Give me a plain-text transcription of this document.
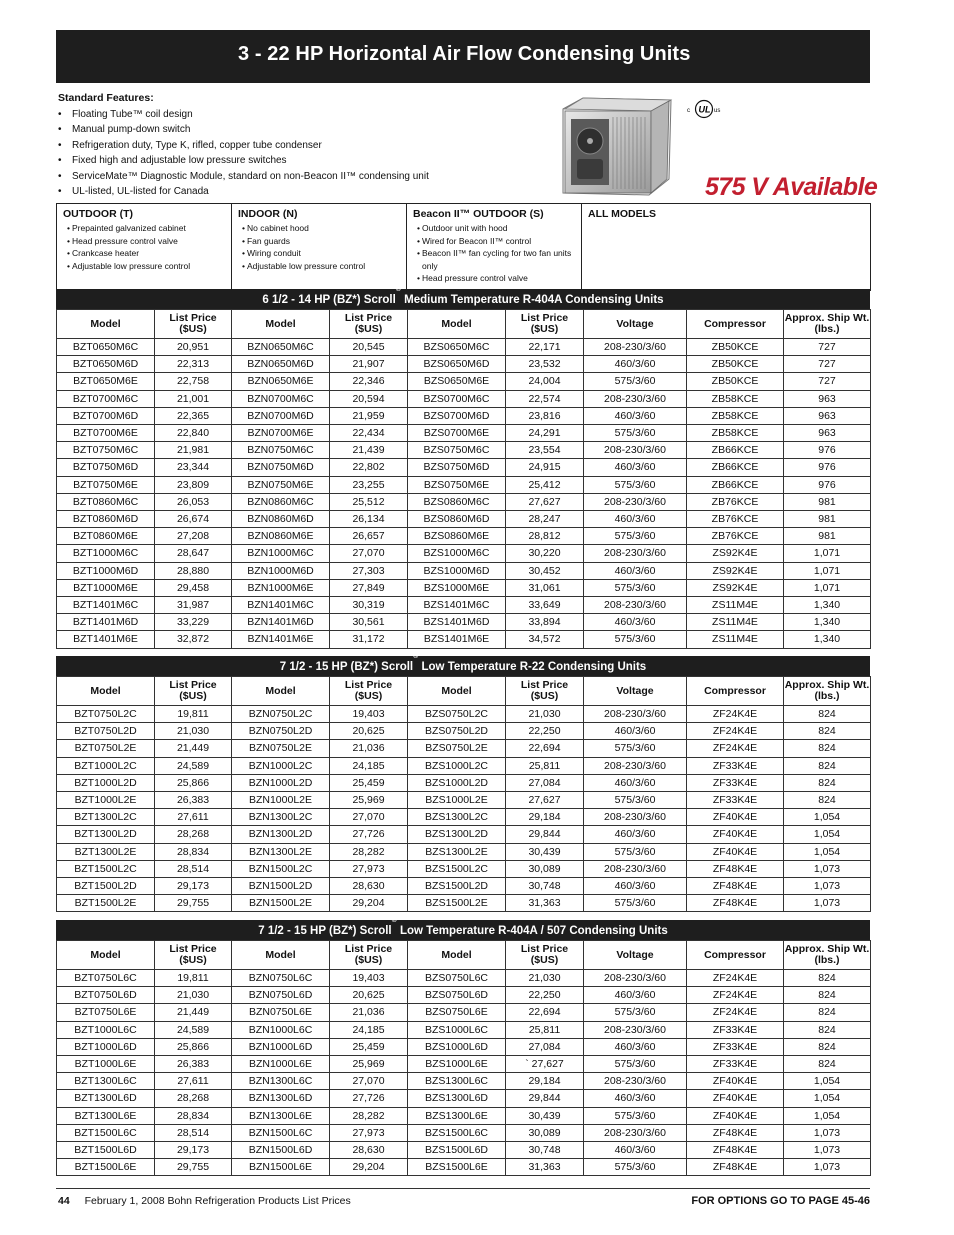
3 - 22 HP Horizontal Air Flow Condensing Units
Standard Features:
• Floating Tube™ coil design
• Manual pump-down switch
• Refrigeration duty, Type K, rifled, copper tube condenser
• Fixed high and adjustable low pressure switches
• ServiceMate™ Diagnostic Module, standard on non-Beacon II™ condensing unit
• UL-listed, UL-listed for Canada
c UL us
575 V Available
OUTDOOR (T)
• Prepainted galvanized cabinet
• Head pressure control valve
• Crankcase heater
• Adjustable low pressure control
INDOOR (N)
• No cabinet hood
• Fan guards
• Wiring conduit
• Adjustable low pressure control
Beacon II™ OUTDOOR (S)
• Outdoor unit with hood
• Wired for Beacon II™ control
• Beacon II™ fan cycling for two fan units only
• Head pressure control valve
ALL MODELS
6 1/2 - 14 HP (BZ*) Scroll® Medium Temperature R-404A Condensing Units
Model	List Price ($US)	Model	List Price ($US)	Model	List Price ($US)	Voltage	Compressor	Approx. Ship Wt. (lbs.)
BZT0650M6C	20,951	BZN0650M6C	20,545	BZS0650M6C	22,171	208-230/3/60	ZB50KCE	727
BZT0650M6D	22,313	BZN0650M6D	21,907	BZS0650M6D	23,532	460/3/60	ZB50KCE	727
BZT0650M6E	22,758	BZN0650M6E	22,346	BZS0650M6E	24,004	575/3/60	ZB50KCE	727
BZT0700M6C	21,001	BZN0700M6C	20,594	BZS0700M6C	22,574	208-230/3/60	ZB58KCE	963
BZT0700M6D	22,365	BZN0700M6D	21,959	BZS0700M6D	23,816	460/3/60	ZB58KCE	963
BZT0700M6E	22,840	BZN0700M6E	22,434	BZS0700M6E	24,291	575/3/60	ZB58KCE	963
BZT0750M6C	21,981	BZN0750M6C	21,439	BZS0750M6C	23,554	208-230/3/60	ZB66KCE	976
BZT0750M6D	23,344	BZN0750M6D	22,802	BZS0750M6D	24,915	460/3/60	ZB66KCE	976
BZT0750M6E	23,809	BZN0750M6E	23,255	BZS0750M6E	25,412	575/3/60	ZB66KCE	976
BZT0860M6C	26,053	BZN0860M6C	25,512	BZS0860M6C	27,627	208-230/3/60	ZB76KCE	981
BZT0860M6D	26,674	BZN0860M6D	26,134	BZS0860M6D	28,247	460/3/60	ZB76KCE	981
BZT0860M6E	27,208	BZN0860M6E	26,657	BZS0860M6E	28,812	575/3/60	ZB76KCE	981
BZT1000M6C	28,647	BZN1000M6C	27,070	BZS1000M6C	30,220	208-230/3/60	ZS92K4E	1,071
BZT1000M6D	28,880	BZN1000M6D	27,303	BZS1000M6D	30,452	460/3/60	ZS92K4E	1,071
BZT1000M6E	29,458	BZN1000M6E	27,849	BZS1000M6E	31,061	575/3/60	ZS92K4E	1,071
BZT1401M6C	31,987	BZN1401M6C	30,319	BZS1401M6C	33,649	208-230/3/60	ZS11M4E	1,340
BZT1401M6D	33,229	BZN1401M6D	30,561	BZS1401M6D	33,894	460/3/60	ZS11M4E	1,340
BZT1401M6E	32,872	BZN1401M6E	31,172	BZS1401M6E	34,572	575/3/60	ZS11M4E	1,340
7 1/2 - 15 HP (BZ*) Scroll® Low Temperature R-22 Condensing Units
Model	List Price ($US)	Model	List Price ($US)	Model	List Price ($US)	Voltage	Compressor	Approx. Ship Wt. (lbs.)
BZT0750L2C	19,811	BZN0750L2C	19,403	BZS0750L2C	21,030	208-230/3/60	ZF24K4E	824
BZT0750L2D	21,030	BZN0750L2D	20,625	BZS0750L2D	22,250	460/3/60	ZF24K4E	824
BZT0750L2E	21,449	BZN0750L2E	21,036	BZS0750L2E	22,694	575/3/60	ZF24K4E	824
BZT1000L2C	24,589	BZN1000L2C	24,185	BZS1000L2C	25,811	208-230/3/60	ZF33K4E	824
BZT1000L2D	25,866	BZN1000L2D	25,459	BZS1000L2D	27,084	460/3/60	ZF33K4E	824
BZT1000L2E	26,383	BZN1000L2E	25,969	BZS1000L2E	27,627	575/3/60	ZF33K4E	824
BZT1300L2C	27,611	BZN1300L2C	27,070	BZS1300L2C	29,184	208-230/3/60	ZF40K4E	1,054
BZT1300L2D	28,268	BZN1300L2D	27,726	BZS1300L2D	29,844	460/3/60	ZF40K4E	1,054
BZT1300L2E	28,834	BZN1300L2E	28,282	BZS1300L2E	30,439	575/3/60	ZF40K4E	1,054
BZT1500L2C	28,514	BZN1500L2C	27,973	BZS1500L2C	30,089	208-230/3/60	ZF48K4E	1,073
BZT1500L2D	29,173	BZN1500L2D	28,630	BZS1500L2D	30,748	460/3/60	ZF48K4E	1,073
BZT1500L2E	29,755	BZN1500L2E	29,204	BZS1500L2E	31,363	575/3/60	ZF48K4E	1,073
7 1/2 - 15 HP (BZ*) Scroll® Low Temperature R-404A / 507 Condensing Units
Model	List Price ($US)	Model	List Price ($US)	Model	List Price ($US)	Voltage	Compressor	Approx. Ship Wt. (lbs.)
BZT0750L6C	19,811	BZN0750L6C	19,403	BZS0750L6C	21,030	208-230/3/60	ZF24K4E	824
BZT0750L6D	21,030	BZN0750L6D	20,625	BZS0750L6D	22,250	460/3/60	ZF24K4E	824
BZT0750L6E	21,449	BZN0750L6E	21,036	BZS0750L6E	22,694	575/3/60	ZF24K4E	824
BZT1000L6C	24,589	BZN1000L6C	24,185	BZS1000L6C	25,811	208-230/3/60	ZF33K4E	824
BZT1000L6D	25,866	BZN1000L6D	25,459	BZS1000L6D	27,084	460/3/60	ZF33K4E	824
BZT1000L6E	26,383	BZN1000L6E	25,969	BZS1000L6E	` 27,627	575/3/60	ZF33K4E	824
BZT1300L6C	27,611	BZN1300L6C	27,070	BZS1300L6C	29,184	208-230/3/60	ZF40K4E	1,054
BZT1300L6D	28,268	BZN1300L6D	27,726	BZS1300L6D	29,844	460/3/60	ZF40K4E	1,054
BZT1300L6E	28,834	BZN1300L6E	28,282	BZS1300L6E	30,439	575/3/60	ZF40K4E	1,054
BZT1500L6C	28,514	BZN1500L6C	27,973	BZS1500L6C	30,089	208-230/3/60	ZF48K4E	1,073
BZT1500L6D	29,173	BZN1500L6D	28,630	BZS1500L6D	30,748	460/3/60	ZF48K4E	1,073
BZT1500L6E	29,755	BZN1500L6E	29,204	BZS1500L6E	31,363	575/3/60	ZF48K4E	1,073
44 February 1, 2008 Bohn Refrigeration Products List Prices	FOR OPTIONS GO TO PAGE 45-46
